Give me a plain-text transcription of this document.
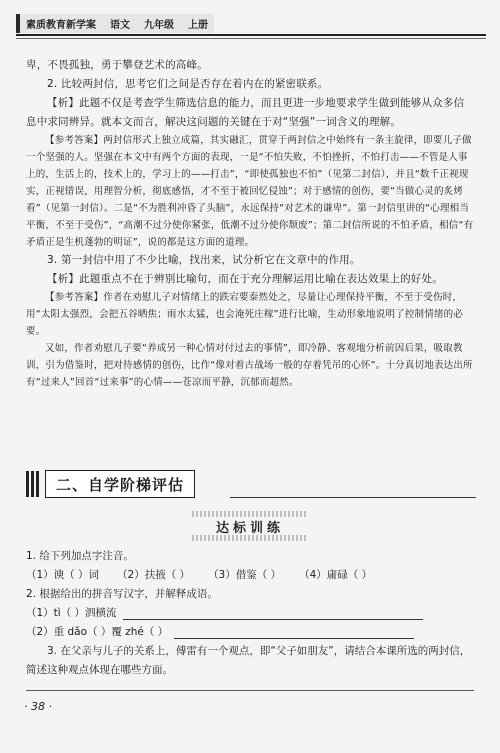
素质教育新学案 语文 九年级 上册

卑，不畏孤独，勇于攀登艺术的高峰。

2. 比较两封信，思考它们之间是否存在着内在的紧密联系。

【析】此题不仅是考查学生筛选信息的能力，而且更进一步地要求学生做到能够从众多信息中求同辨异。就本文而言，解决这问题的关键在于对“坚强”一词含义的理解。

【参考答案】两封信形式上独立成篇，其实融汇，贯穿于两封信之中始终有一条主旋律，即要儿子做一个坚强的人。坚强在本文中有两个方面的表现，一是“不怕失败，不怕挫折，不怕打击——不管是人事上的，生活上的，技术上的，学习上的——打击”，“即使孤独也不怕”（见第二封信），并且“数千正视现实，正视错误，用理智分析，彻底感悟，才不至于被回忆侵蚀”；对于感情的创伤，要“当做心灵的炙烤看”（见第一封信）。二是“不为胜利冲昏了头脑”，永远保持“对艺术的谦卑”。第一封信里讲的“心理相当平衡，不至于受伤”，“高潮不过分使你紧张，低潮不过分使你颓废”；第二封信所说的不怕矛盾，相信“有矛盾正是生机蓬勃的明证”，说的都是这方面的道理。

3. 第一封信中用了不少比喻，找出来，试分析它在文章中的作用。

【析】此题重点不在于辨别比喻句，而在于充分理解运用比喻在表达效果上的好处。

【参考答案】作者在劝慰儿子对情绪上的跌宕要泰然处之，尽量让心理保持平衡，不至于受伤时，用“太阳太强烈，会把五谷晒焦；雨水太猛，也会淹死庄稼”进行比喻，生动形象地说明了控制情绪的必要。

又如，作者劝慰儿子要“养成另一种心情对付过去的事情”，即冷静、客观地分析前因后果，吸取教训，引为借鉴时，把对待感情的创伤，比作“像对着古战场一般的存着凭吊的心怀”。十分真切地表达出所有“过来人”回首“过来事”的心情——苍凉而平静，沉郁而超然。

二、自学阶梯评估
达标训练

1. 给下列加点字注音。

（1）谀（ ）词 （2）扶掖（ ） （3）借鉴（ ） （4）庸碌（ ）

2. 根据给出的拼音写汉字，并解释成语。

（1）tì（ ）泗横流
（2）重 dǎo（ ）覆 zhé（ ）

3. 在父亲与儿子的关系上，傅雷有一个观点，即“父子如朋友”，请结合本课所选的两封信，简述这种观点体现在哪些方面。

· 38 ·
